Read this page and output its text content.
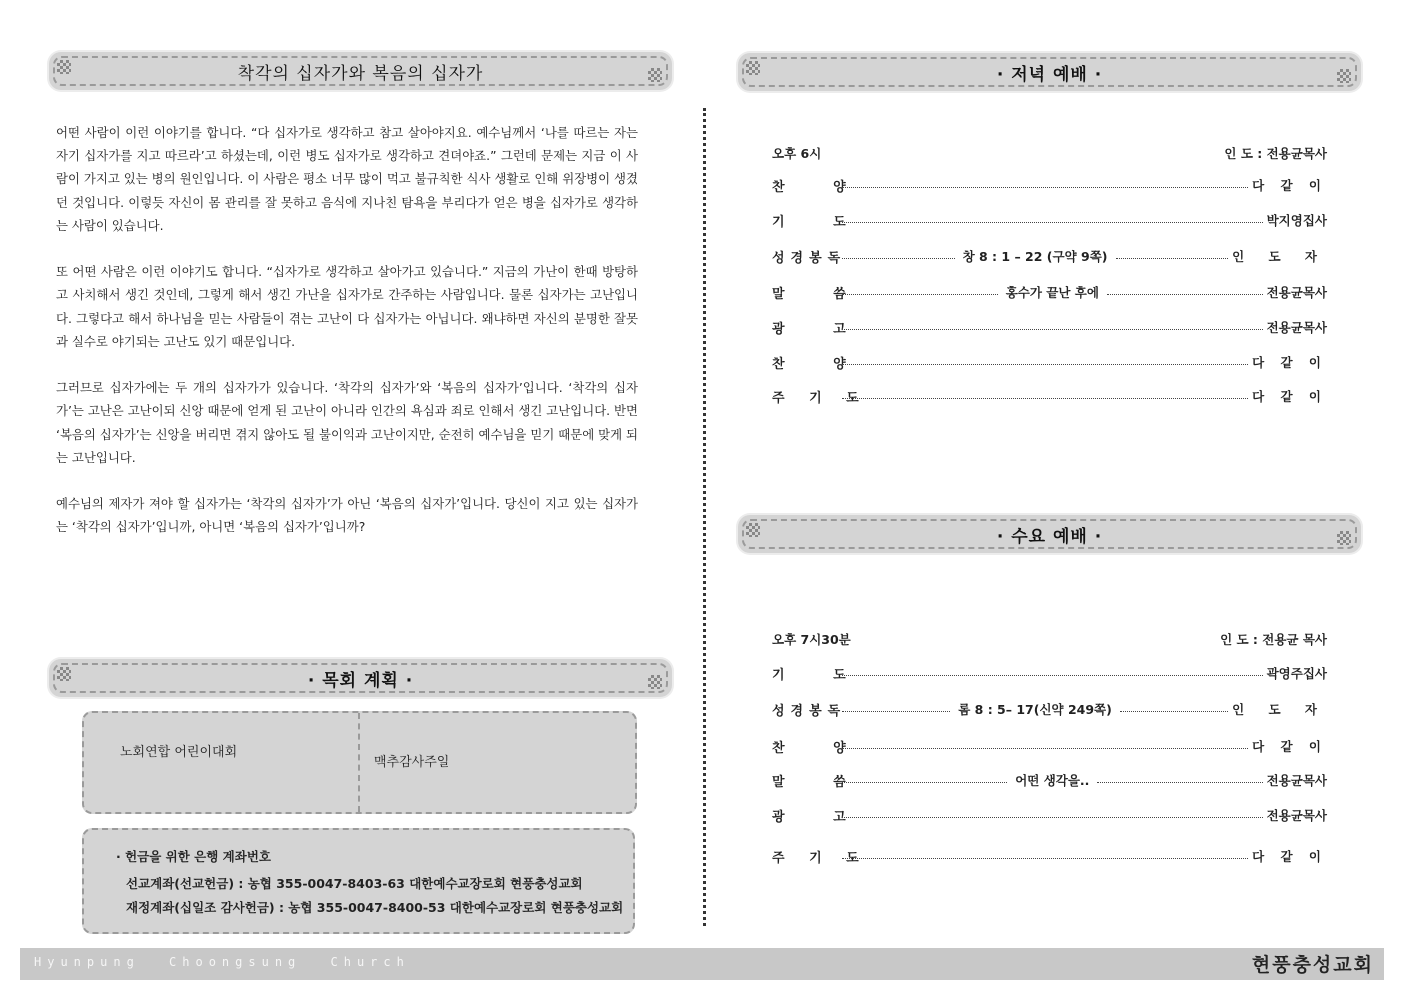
착각의 십자가와 복음의 십자가

어떤 사람이 이런 이야기를 합니다. “다 십자가로 생각하고 참고 살아야지요. 예수님께서 ‘나를 따르는 자는 자기 십자가를 지고 따르라’고 하셨는데, 이런 병도 십자가로 생각하고 견뎌야죠.” 그런데 문제는 지금 이 사람이 가지고 있는 병의 원인입니다. 이 사람은 평소 너무 많이 먹고 불규칙한 식사 생활로 인해 위장병이 생겼던 것입니다. 이렇듯 자신이 몸 관리를 잘 못하고 음식에 지나친 탐욕을 부리다가 얻은 병을 십자가로 생각하는 사람이 있습니다.

또 어떤 사람은 이런 이야기도 합니다. “십자가로 생각하고 살아가고 있습니다.” 지금의 가난이 한때 방탕하고 사치해서 생긴 것인데, 그렇게 해서 생긴 가난을 십자가로 간주하는 사람입니다. 물론 십자가는 고난입니다. 그렇다고 해서 하나님을 믿는 사람들이 겪는 고난이 다 십자가는 아닙니다. 왜냐하면 자신의 분명한 잘못과 실수로 야기되는 고난도 있기 때문입니다.

그러므로 십자가에는 두 개의 십자가가 있습니다. ‘착각의 십자가’와 ‘복음의 십자가’입니다. ‘착각의 십자가’는 고난은 고난이되 신앙 때문에 얻게 된 고난이 아니라 인간의 욕심과 죄로 인해서 생긴 고난입니다. 반면 ‘복음의 십자가’는 신앙을 버리면 겪지 않아도 될 불이익과 고난이지만, 순전히 예수님을 믿기 때문에 맞게 되는 고난입니다.

예수님의 제자가 져야 할 십자가는 ‘착각의 십자가’가 아닌 ‘복음의 십자가’입니다. 당신이 지고 있는 십자가는 ‘착각의 십자가’입니까, 아니면 ‘복음의 십자가’입니까?

· 목회 계획 ·
노회연합 어린이대회
맥추감사주일
· 헌금을 위한 은행 계좌번호
선교계좌(선교헌금) : 농협 355-0047-8403-63 대한예수교장로회 현풍충성교회
재정계좌(십일조 감사헌금) : 농협 355-0047-8400-53 대한예수교장로회 현풍충성교회
· 저녁 예배 ·
오후 6시	인 도 : 전용균목사
찬 양	다 같 이
기 도	박지영집사
성경봉독	창 8 : 1 – 22 (구약 9쪽)	인 도 자
말 씀	홍수가 끝난 후에	전용균목사
광 고	전용균목사
찬 양	다 같 이
주 기 도	다 같 이
· 수요 예배 ·
오후 7시30분	인 도 : 전용균 목사
기 도	곽영주집사
성경봉독	롬 8 : 5– 17(신약 249쪽)	인 도 자
찬 양	다 같 이
말 씀	어떤 생각을..	전용균목사
광 고	전용균목사
주 기 도	다 같 이
Hyunpung Choongsung Church	현풍충성교회
